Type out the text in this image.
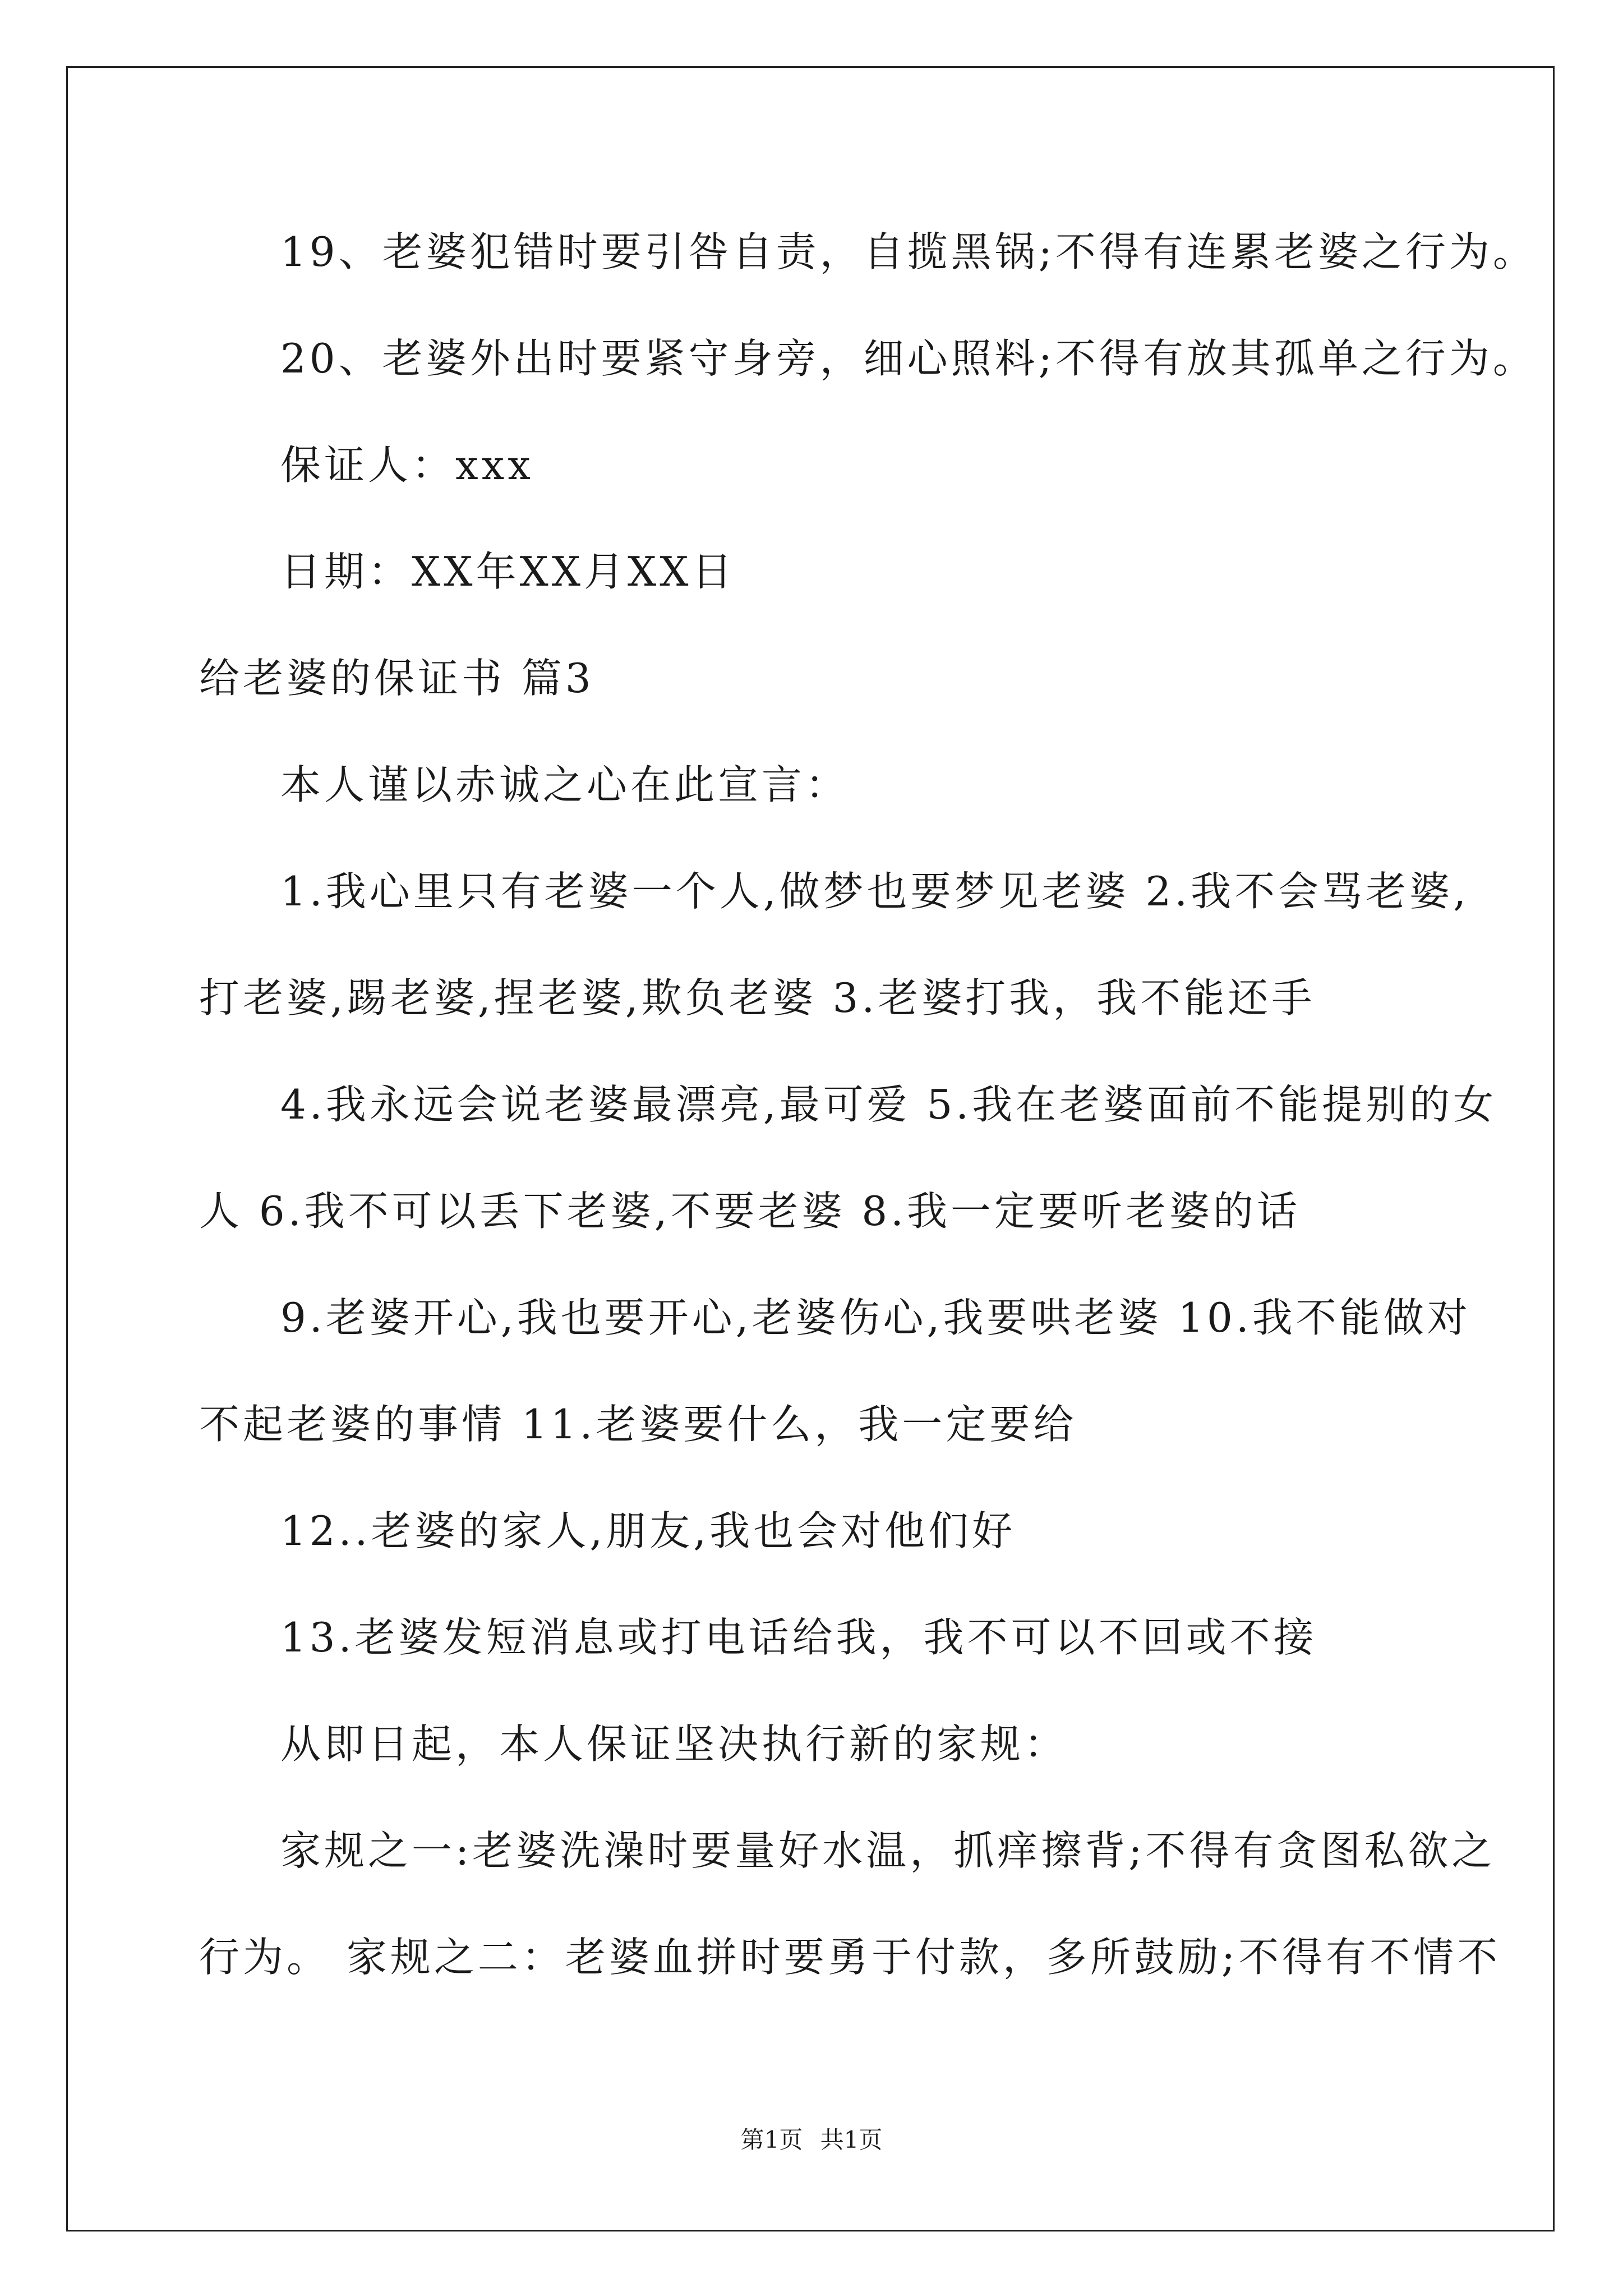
19、老婆犯错时要引咎自责，自揽黑锅;不得有连累老婆之行为。
20、老婆外出时要紧守身旁，细心照料;不得有放其孤单之行为。
保证人：xxx
日期：XX年XX月XX日
给老婆的保证书 篇3
本人谨以赤诚之心在此宣言：
1.我心里只有老婆一个人,做梦也要梦见老婆 2.我不会骂老婆,
打老婆,踢老婆,捏老婆,欺负老婆 3.老婆打我，我不能还手
4.我永远会说老婆最漂亮,最可爱 5.我在老婆面前不能提别的女
人 6.我不可以丢下老婆,不要老婆 8.我一定要听老婆的话
9.老婆开心,我也要开心,老婆伤心,我要哄老婆 10.我不能做对
不起老婆的事情 11.老婆要什么，我一定要给
12..老婆的家人,朋友,我也会对他们好
13.老婆发短消息或打电话给我，我不可以不回或不接
从即日起，本人保证坚决执行新的家规：
家规之一:老婆洗澡时要量好水温，抓痒擦背;不得有贪图私欲之
行为。 家规之二：老婆血拼时要勇于付款，多所鼓励;不得有不情不
第1页 共1页
